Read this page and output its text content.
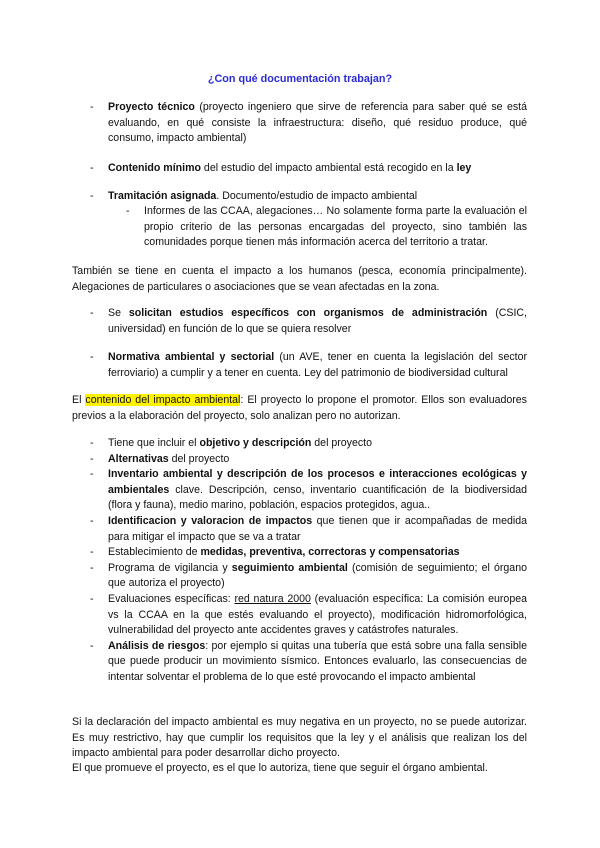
¿Con qué documentación trabajan?
-	Proyecto técnico (proyecto ingeniero que sirve de referencia para saber qué se está evaluando, en qué consiste la infraestructura: diseño, qué residuo produce, qué consumo, impacto ambiental)
-	Contenido mínimo del estudio del impacto ambiental está recogido en la ley
-	Tramitación asignada. Documento/estudio de impacto ambiental
-	Informes de las CCAA, alegaciones… No solamente forma parte la evaluación el propio criterio de las personas encargadas del proyecto, sino también las comunidades porque tienen más información acerca del territorio a tratar.
También se tiene en cuenta el impacto a los humanos (pesca, economía principalmente). Alegaciones de particulares o asociaciones que se vean afectadas en la zona.
-	Se solicitan estudios específicos con organismos de administración (CSIC, universidad) en función de lo que se quiera resolver
-	Normativa ambiental y sectorial (un AVE, tener en cuenta la legislación del sector ferroviario) a cumplir y a tener en cuenta. Ley del patrimonio de biodiversidad cultural
El contenido del impacto ambiental: El proyecto lo propone el promotor. Ellos son evaluadores previos a la elaboración del proyecto, solo analizan pero no autorizan.
-	Tiene que incluir el objetivo y descripción del proyecto
-	Alternativas del proyecto
-	Inventario ambiental y descripción de los procesos e interacciones ecológicas y ambientales clave. Descripción, censo, inventario cuantificación de la biodiversidad (flora y fauna), medio marino, población, espacios protegidos, agua..
-	Identificacion y valoracion de impactos que tienen que ir acompañadas de medida para mitigar el impacto que se va a tratar
-	Establecimiento de medidas, preventiva, correctoras y compensatorias
-	Programa de vigilancia y seguimiento ambiental (comisión de seguimiento; el órgano que autoriza el proyecto)
-	Evaluaciones específicas: red natura 2000 (evaluación específica: La comisión europea vs la CCAA en la que estés evaluando el proyecto), modificación hidromorfológica, vulnerabilidad del proyecto ante accidentes graves y catástrofes naturales.
-	Análisis de riesgos: por ejemplo si quitas una tubería que está sobre una falla sensible que puede producir un movimiento sísmico. Entonces evaluarlo, las consecuencias de intentar solventar el problema de lo que esté provocando el impacto ambiental
Si la declaración del impacto ambiental es muy negativa en un proyecto, no se puede autorizar. Es muy restrictivo, hay que cumplir los requisitos que la ley y el análisis que realizan los del impacto ambiental para poder desarrollar dicho proyecto.
El que promueve el proyecto, es el que lo autoriza, tiene que seguir el órgano ambiental.
